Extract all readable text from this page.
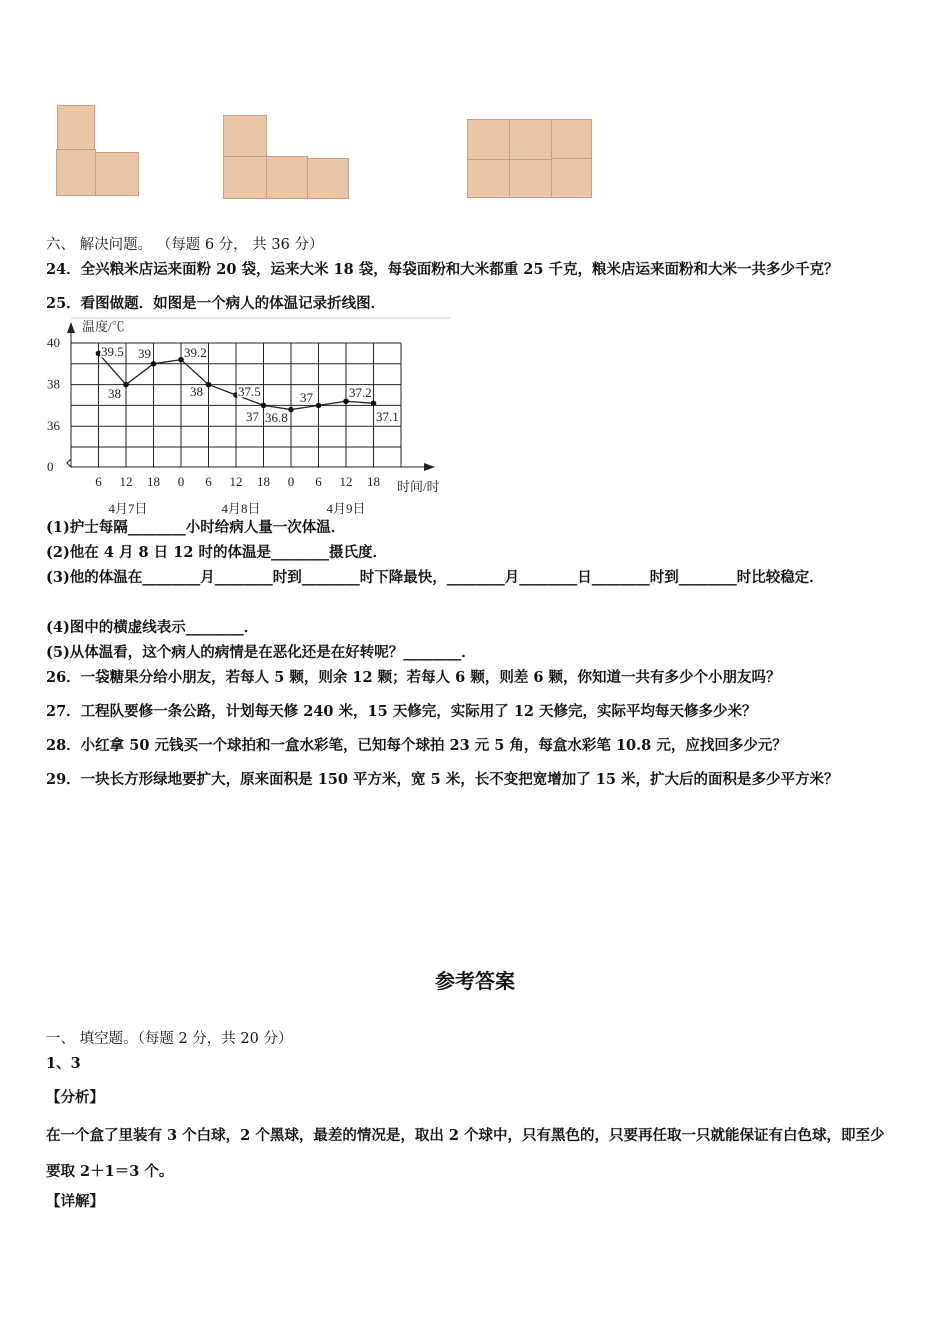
六、 解决问题。 （每题 6 分， 共 36 分）
24．全兴粮米店运来面粉 20 袋，运来大米 18 袋，每袋面粉和大米都重 25 千克，粮米店运来面粉和大米一共多少千克？
25．看图做题．如图是一个病人的体温记录折线图．
温度/℃
时间/时
40
38
36
0
6 12 18 0 6 12 18 0 6 12 18
4月7日	4月8日	4月9日
39.5
38
39	39.2
38	37.5
37 36.8
37	37.2
37.1
(1)护士每隔________小时给病人量一次体温．
(2)他在 4 月 8 日 12 时的体温是________摄氏度．
(3)他的体温在________月________时到________时下降最快，________月________日________时到________时比较稳定．
(4)图中的横虚线表示________．
(5)从体温看，这个病人的病情是在恶化还是在好转呢？________．
26．一袋糖果分给小朋友，若每人 5 颗，则余 12 颗；若每人 6 颗，则差 6 颗，你知道一共有多少个小朋友吗？
27．工程队要修一条公路，计划每天修 240 米，15 天修完，实际用了 12 天修完，实际平均每天修多少米？
28．小红拿 50 元钱买一个球拍和一盒水彩笔，已知每个球拍 23 元 5 角，每盒水彩笔 10.8 元，应找回多少元？
29．一块长方形绿地要扩大，原来面积是 150 平方米，宽 5 米，长不变把宽增加了 15 米，扩大后的面积是多少平方米？
参考答案
一、 填空题。（每题 2 分，共 20 分）
1、3
【分析】
在一个盒了里装有 3 个白球，2 个黑球，最差的情况是，取出 2 个球中，只有黑色的，只要再任取一只就能保证有白色球，即至少要取 2＋1＝3 个。
【详解】
